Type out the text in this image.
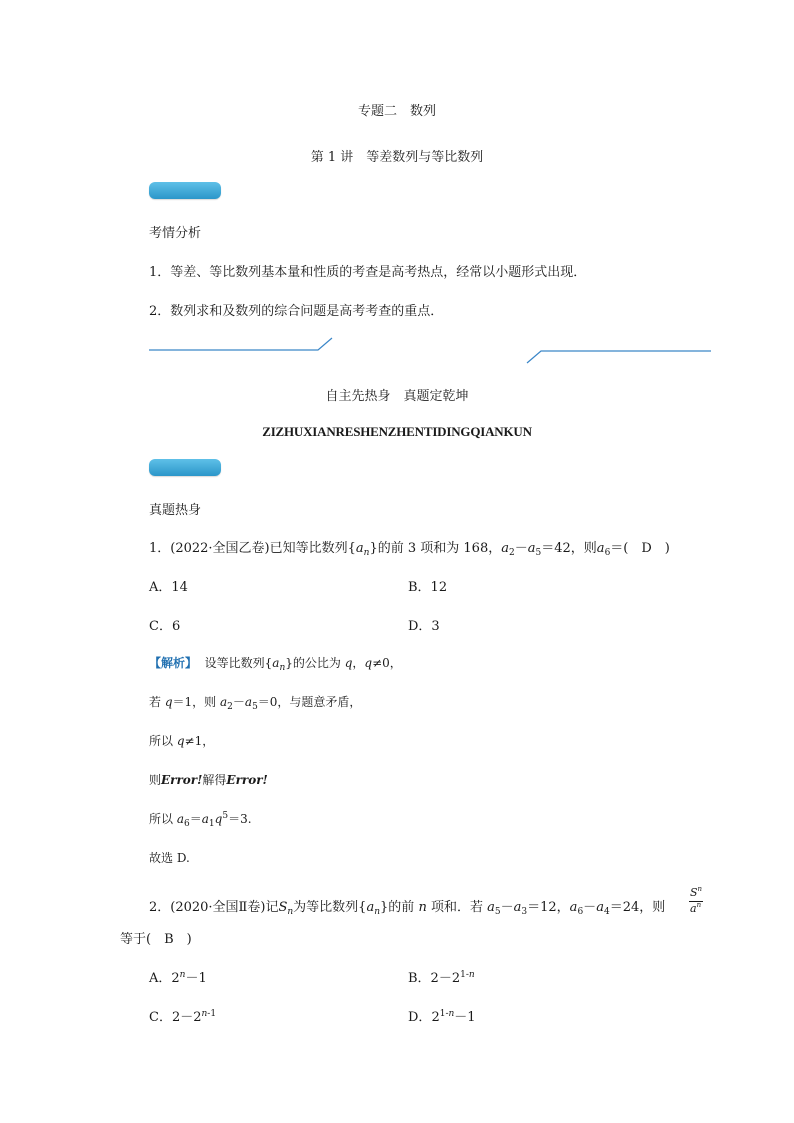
专题二　数列
第 1 讲　等差数列与等比数列
考情分析
1．等差、等比数列基本量和性质的考查是高考热点，经常以小题形式出现．
2．数列求和及数列的综合问题是高考考查的重点．
自主先热身　真题定乾坤
ZIZHUXIANRESHENZHENTIDINGQIANKUN
真题热身
1．(2022·全国乙卷)已知等比数列$\{a_n\}$的前 3 项和为 168，$a_2-a_5=42$，则$a_6=$(　D　)
A．14	B．12
C．6	D．3
【解析】 设等比数列$\{a_n\}$的公比为 q，q≠0，
若 q＝1，则 $a_2-a_5=0$，与题意矛盾，
所以 q≠1，
则Error!解得Error!
所以 $a_6=a_1q^5=3$.
故选 D.
2．(2020·全国Ⅱ卷)记$S_n$为等比数列$\{a_n\}$的前 n 项和．若 $a_5-a_3=12$，$a_6-a_4=24$，则
$S^n$
$a^n$
等于(　B　)
A．$2^n-1$	B．$2-2^{1-n}$
C．$2-2^{n-1}$	D．$2^{1-n}-1$
